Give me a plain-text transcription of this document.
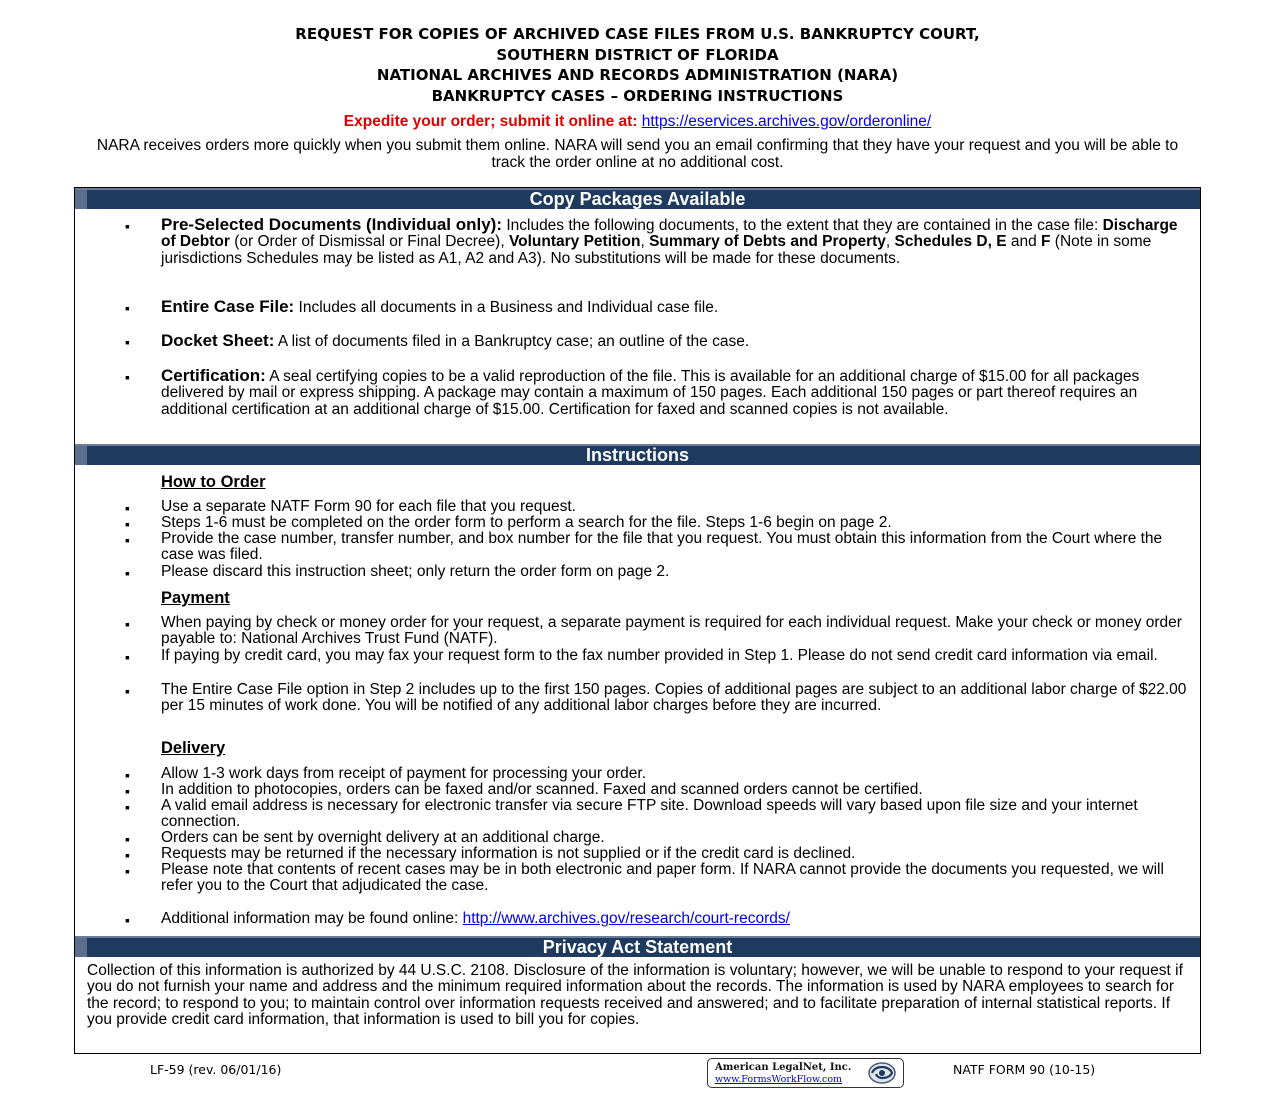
REQUEST FOR COPIES OF ARCHIVED CASE FILES FROM U.S. BANKRUPTCY COURT,
SOUTHERN DISTRICT OF FLORIDA
NATIONAL ARCHIVES AND RECORDS ADMINISTRATION (NARA)
BANKRUPTCY CASES – ORDERING INSTRUCTIONS
Expedite your order; submit it online at: https://eservices.archives.gov/orderonline/
NARA receives orders more quickly when you submit them online. NARA will send you an email confirming that they have your request and you will be able to track the order online at no additional cost.
Copy Packages Available
▪ Pre-Selected Documents (Individual only): Includes the following documents, to the extent that they are contained in the case file: Discharge of Debtor (or Order of Dismissal or Final Decree), Voluntary Petition, Summary of Debts and Property, Schedules D, E and F (Note in some jurisdictions Schedules may be listed as A1, A2 and A3). No substitutions will be made for these documents.
▪ Entire Case File: Includes all documents in a Business and Individual case file.
▪ Docket Sheet: A list of documents filed in a Bankruptcy case; an outline of the case.
▪ Certification: A seal certifying copies to be a valid reproduction of the file. This is available for an additional charge of $15.00 for all packages delivered by mail or express shipping. A package may contain a maximum of 150 pages. Each additional 150 pages or part thereof requires an additional certification at an additional charge of $15.00. Certification for faxed and scanned copies is not available.
Instructions
How to Order
▪ Use a separate NATF Form 90 for each file that you request.
▪ Steps 1-6 must be completed on the order form to perform a search for the file. Steps 1-6 begin on page 2.
▪ Provide the case number, transfer number, and box number for the file that you request. You must obtain this information from the Court where the case was filed.
▪ Please discard this instruction sheet; only return the order form on page 2.
Payment
▪ When paying by check or money order for your request, a separate payment is required for each individual request. Make your check or money order payable to: National Archives Trust Fund (NATF).
▪ If paying by credit card, you may fax your request form to the fax number provided in Step 1. Please do not send credit card information via email.
▪ The Entire Case File option in Step 2 includes up to the first 150 pages. Copies of additional pages are subject to an additional labor charge of $22.00 per 15 minutes of work done. You will be notified of any additional labor charges before they are incurred.
Delivery
▪ Allow 1-3 work days from receipt of payment for processing your order.
▪ In addition to photocopies, orders can be faxed and/or scanned. Faxed and scanned orders cannot be certified.
▪ A valid email address is necessary for electronic transfer via secure FTP site. Download speeds will vary based upon file size and your internet connection.
▪ Orders can be sent by overnight delivery at an additional charge.
▪ Requests may be returned if the necessary information is not supplied or if the credit card is declined.
▪ Please note that contents of recent cases may be in both electronic and paper form. If NARA cannot provide the documents you requested, we will refer you to the Court that adjudicated the case.
▪ Additional information may be found online: http://www.archives.gov/research/court-records/
Privacy Act Statement
Collection of this information is authorized by 44 U.S.C. 2108. Disclosure of the information is voluntary; however, we will be unable to respond to your request if you do not furnish your name and address and the minimum required information about the records. The information is used by NARA employees to search for the record; to respond to you; to maintain control over information requests received and answered; and to facilitate preparation of internal statistical reports. If you provide credit card information, that information is used to bill you for copies.
LF-59 (rev. 06/01/16)	American LegalNet, Inc.
www.FormsWorkFlow.com
NATF FORM 90 (10-15)
